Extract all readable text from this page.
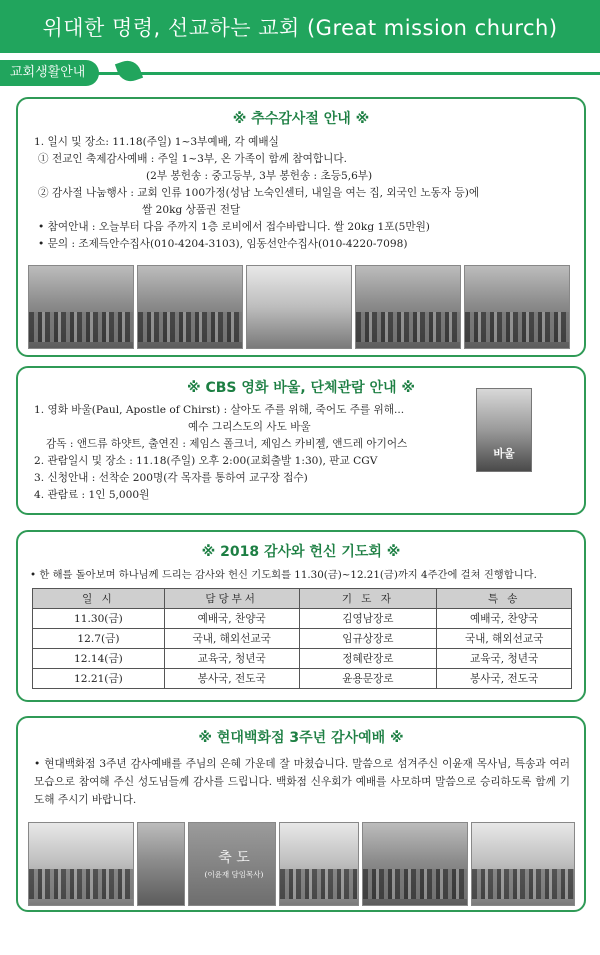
위대한 명령, 선교하는 교회 (Great mission church)
교회생활안내
※ 추수감사절 안내 ※
1. 일시 및 장소: 11.18(주일) 1~3부예배, 각 예배실
① 전교인 축제감사예배 : 주일 1~3부, 온 가족이 함께 참여합니다.
(2부 봉헌송 : 중고등부, 3부 봉헌송 : 초등5,6부)
② 감사절 나눔행사 : 교회 인류 100가정(성남 노숙인센터, 내일을 여는 집, 외국인 노동자 등)에
쌀 20kg 상품권 전달
• 참여안내 : 오늘부터 다음 주까지 1층 로비에서 접수바랍니다. 쌀 20kg 1포(5만원)
• 문의 : 조제득안수집사(010-4204-3103), 임동선안수집사(010-4220-7098)
※ CBS 영화 바울, 단체관람 안내 ※
1. 영화 바울(Paul, Apostle of Chirst) : 살아도 주를 위해, 죽어도 주를 위해...
예수 그리스도의 사도 바울
감독 : 앤드류 하얏트, 출연진 : 제임스 폴크너, 제임스 카비젤, 앤드레 아기어스
2. 관람일시 및 장소 : 11.18(주일) 오후 2:00(교회출발 1:30), 판교 CGV
3. 신청안내 : 선착순 200명(각 목자를 통하여 교구장 접수)
4. 관람료 : 1인 5,000원
바울
※ 2018 감사와 헌신 기도회 ※
• 한 해를 돌아보며 하나님께 드리는 감사와 헌신 기도회를 11.30(금)~12.21(금)까지 4주간에 걸쳐 진행합니다.
일 시	담당부서	기 도 자	특 송
11.30(금)	예배국, 찬양국	김영남장로	예배국, 찬양국
12.7(금)	국내, 해외선교국	임규상장로	국내, 해외선교국
12.14(금)	교육국, 청년국	정혜란장로	교육국, 청년국
12.21(금)	봉사국, 전도국	윤용문장로	봉사국, 전도국
※ 현대백화점 3주년 감사예배 ※
• 현대백화점 3주년 감사예배를 주님의 은혜 가운데 잘 마쳤습니다. 말씀으로 섬겨주신 이윤재 목사님, 특송과 여러 모습으로 참여해 주신 성도님들께 감사를 드립니다. 백화점 신우회가 예배를 사모하며 말씀으로 승리하도록 함께 기도해 주시기 바랍니다.
축 도
(이윤재 담임목사)
